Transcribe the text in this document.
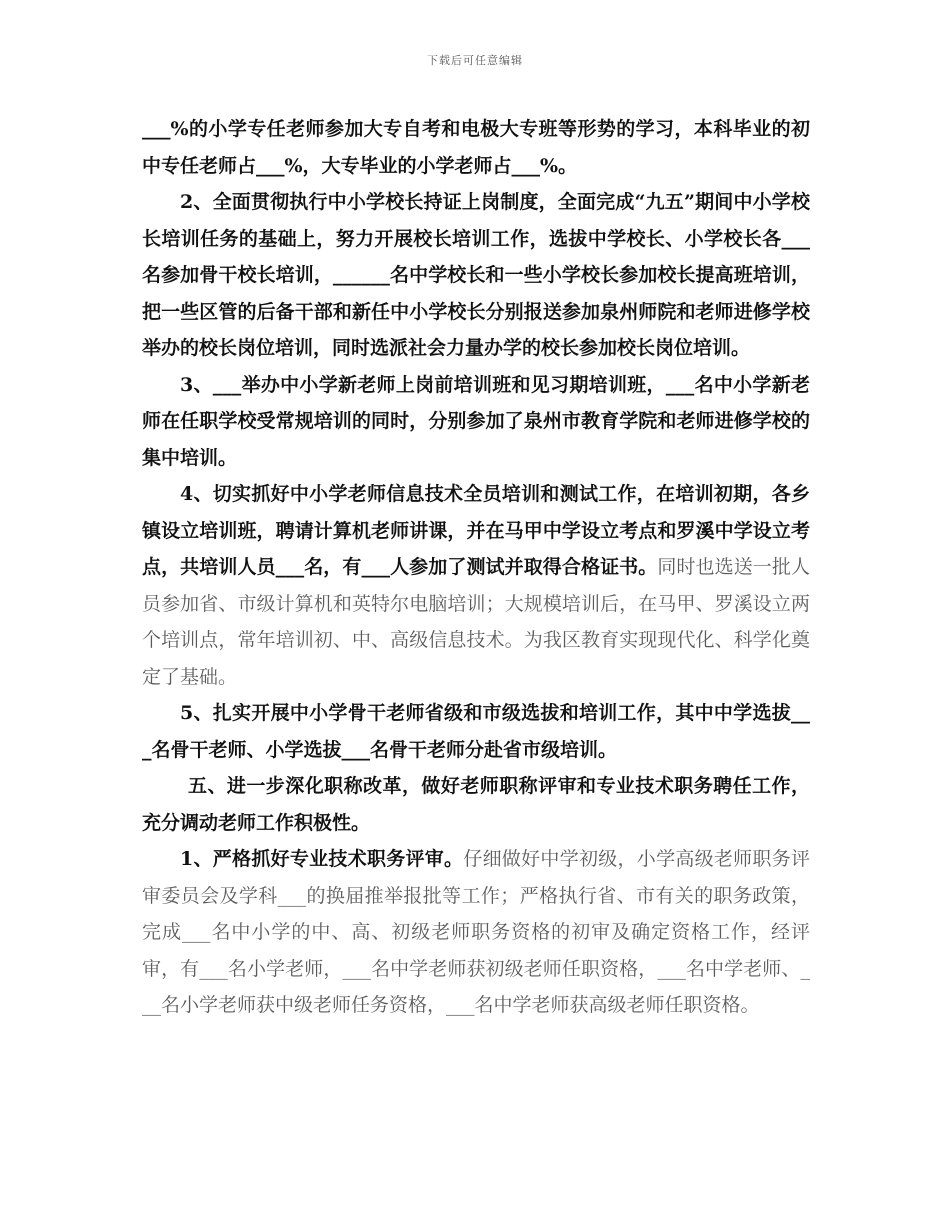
下载后可任意编辑

___%的小学专任老师参加大专自考和电极大专班等形势的学习，本科毕业的初中专任老师占___%，大专毕业的小学老师占___%。

2、全面贯彻执行中小学校长持证上岗制度，全面完成“九五”期间中小学校长培训任务的基础上，努力开展校长培训工作，选拔中学校长、小学校长各___名参加骨干校长培训，______名中学校长和一些小学校长参加校长提高班培训，把一些区管的后备干部和新任中小学校长分别报送参加泉州师院和老师进修学校举办的校长岗位培训，同时选派社会力量办学的校长参加校长岗位培训。

3、___举办中小学新老师上岗前培训班和见习期培训班，___名中小学新老师在任职学校受常规培训的同时，分别参加了泉州市教育学院和老师进修学校的集中培训。

4、切实抓好中小学老师信息技术全员培训和测试工作，在培训初期，各乡镇设立培训班，聘请计算机老师讲课，并在马甲中学设立考点和罗溪中学设立考点，共培训人员___名，有___人参加了测试并取得合格证书。同时也选送一批人员参加省、市级计算机和英特尔电脑培训；大规模培训后，在马甲、罗溪设立两个培训点，常年培训初、中、高级信息技术。为我区教育实现现代化、科学化奠定了基础。

5、扎实开展中小学骨干老师省级和市级选拔和培训工作，其中中学选拔___名骨干老师、小学选拔___名骨干老师分赴省市级培训。

五、进一步深化职称改革，做好老师职称评审和专业技术职务聘任工作，充分调动老师工作积极性。

1、严格抓好专业技术职务评审。仔细做好中学初级，小学高级老师职务评审委员会及学科___的换届推举报批等工作；严格执行省、市有关的职务政策，完成___名中小学的中、高、初级老师职务资格的初审及确定资格工作，经评审，有___名小学老师，___名中学老师获初级老师任职资格，___名中学老师、___名小学老师获中级老师任务资格，___名中学老师获高级老师任职资格。
